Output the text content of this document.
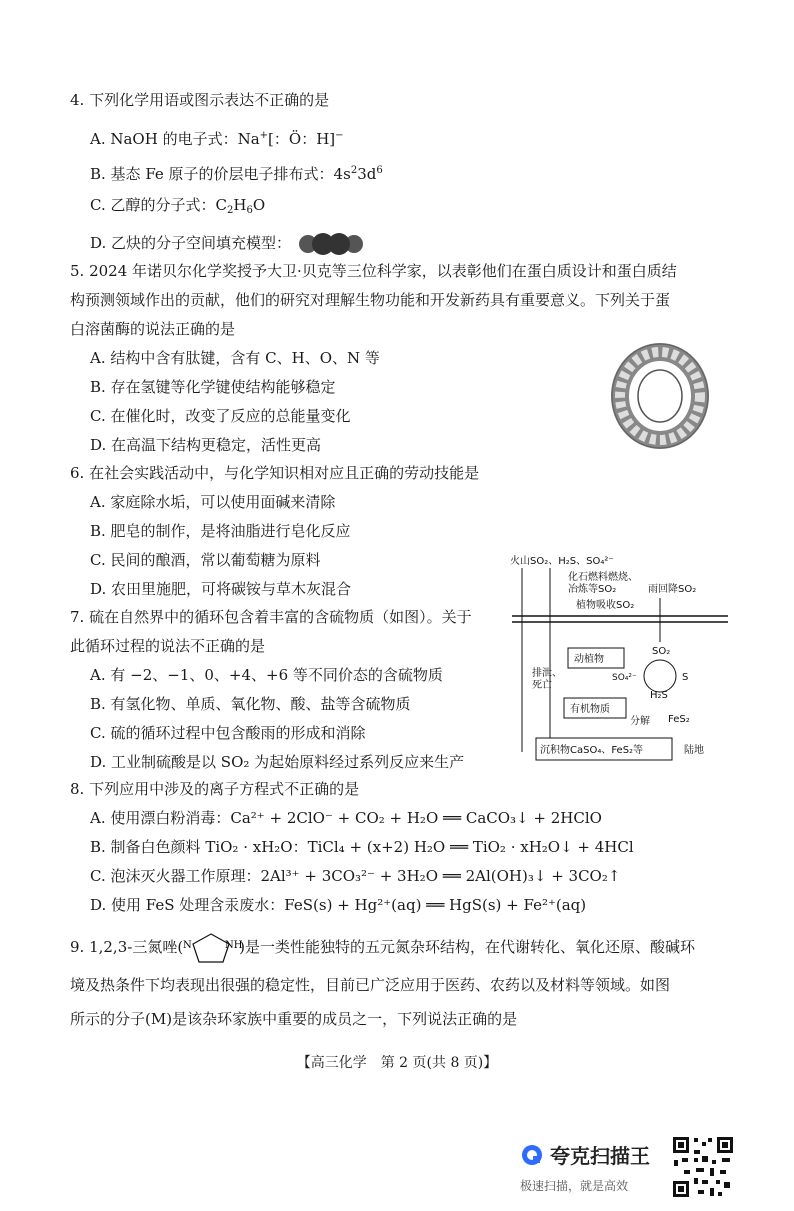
4. 下列化学用语或图示表达不正确的是
A. NaOH 的电子式：Na+[：Ö：H]−
B. 基态 Fe 原子的价层电子排布式：$4s^23d^6$
C. 乙醇的分子式：$C_2H_6O$
D. 乙炔的分子空间填充模型：
5. 2024 年诺贝尔化学奖授予大卫·贝克等三位科学家，以表彰他们在蛋白质设计和蛋白质结
构预测领域作出的贡献，他们的研究对理解生物功能和开发新药具有重要意义。下列关于蛋
白溶菌酶的说法正确的是
A. 结构中含有肽键，含有 C、H、O、N 等
B. 存在氢键等化学键使结构能够稳定
C. 在催化时，改变了反应的总能量变化
D. 在高温下结构更稳定，活性更高
6. 在社会实践活动中，与化学知识相对应且正确的劳动技能是
A. 家庭除水垢，可以使用面碱来清除
B. 肥皂的制作，是将油脂进行皂化反应
C. 民间的酿酒，常以葡萄糖为原料
D. 农田里施肥，可将碳铵与草木灰混合
7. 硫在自然界中的循环包含着丰富的含硫物质（如图）。关于
此循环过程的说法不正确的是
A. 有 −2、−1、0、+4、+6 等不同价态的含硫物质
B. 有氢化物、单质、氧化物、酸、盐等含硫物质
C. 硫的循环过程中包含酸雨的形成和消除
D. 工业制硫酸是以 SO₂ 为起始原料经过系列反应来生产
火山SO₂、H₂S、SO₄²⁻
化石燃料燃烧、
冶炼等SO₂	雨回降SO₂
植物吸收SO₂
动植物
SO₂
SO₄²⁻	S
H₂S
排泄、
死亡
有机物质
分解 FeS₂
沉积物CaSO₄、FeS₂等	陆地
8. 下列应用中涉及的离子方程式不正确的是
A. 使用漂白粉消毒：Ca²⁺ + 2ClO⁻ + CO₂ + H₂O ══ CaCO₃↓ + 2HClO
B. 制备白色颜料 TiO₂ · xH₂O：TiCl₄ + (x+2) H₂O ══ TiO₂ · xH₂O↓ + 4HCl
C. 泡沫灭火器工作原理：2Al³⁺ + 3CO₃²⁻ + 3H₂O ══ 2Al(OH)₃↓ + 3CO₂↑
D. 使用 FeS 处理含汞废水：FeS(s) + Hg²⁺(aq) ══ HgS(s) + Fe²⁺(aq)
9. 1,2,3-三氮唑( N	NH
)是一类性能独特的五元氮杂环结构，在代谢转化、氧化还原、酸碱环
境及热条件下均表现出很强的稳定性，目前已广泛应用于医药、农药以及材料等领域。如图
所示的分子(M)是该杂环家族中重要的成员之一，下列说法正确的是
【高三化学　第 2 页(共 8 页)】
夸克扫描王
极速扫描，就是高效
